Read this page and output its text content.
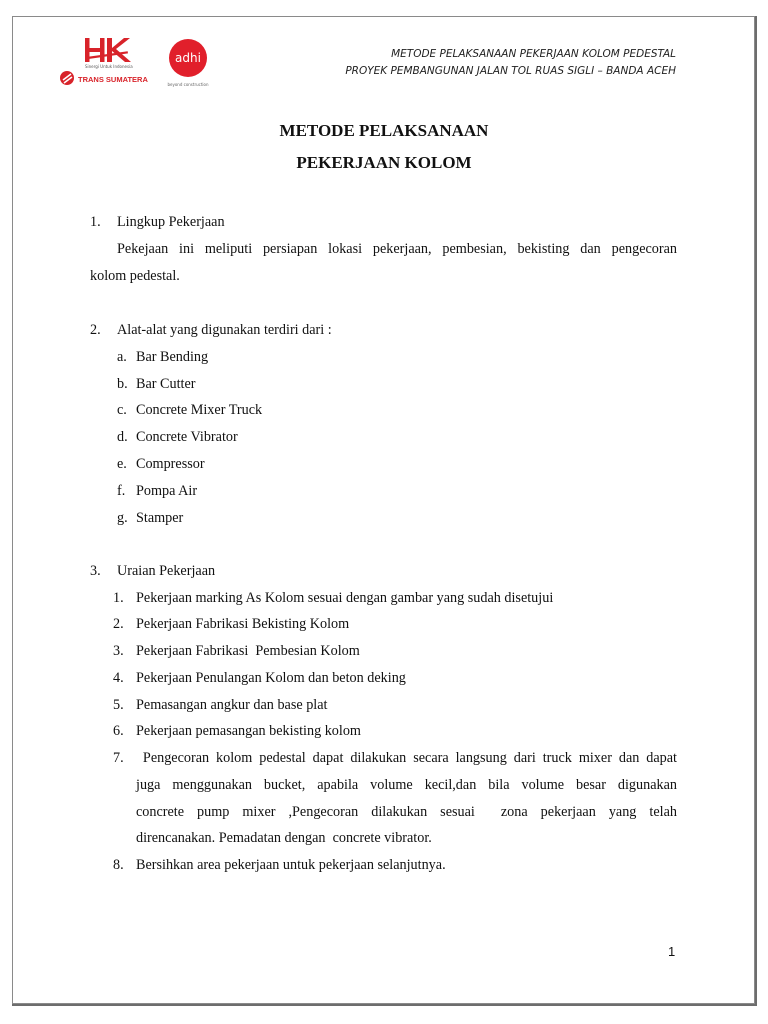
Sinergi Untuk Indonesia
TRANS SUMATERA
adhi
beyond construction
METODE PELAKSANAAN PEKERJAAN KOLOM PEDESTAL
PROYEK PEMBANGUNAN JALAN TOL RUAS SIGLI – BANDA ACEH
METODE PELAKSANAAN
PEKERJAAN KOLOM
1. Lingkup Pekerjaan
Pekejaan ini meliputi persiapan lokasi pekerjaan, pembesian, bekisting dan pengecoran
kolom pedestal.
2. Alat-alat yang digunakan terdiri dari :
a. Bar Bending
b. Bar Cutter
c. Concrete Mixer Truck
d. Concrete Vibrator
e. Compressor
f. Pompa Air
g. Stamper
3. Uraian Pekerjaan
1. Pekerjaan marking As Kolom sesuai dengan gambar yang sudah disetujui
2. Pekerjaan Fabrikasi Bekisting Kolom
3. Pekerjaan Fabrikasi  Pembesian Kolom
4. Pekerjaan Penulangan Kolom dan beton deking
5. Pemasangan angkur dan base plat
6. Pekerjaan pemasangan bekisting kolom
7. Pengecoran kolom pedestal dapat dilakukan secara langsung dari truck mixer dan dapat
juga menggunakan bucket, apabila volume kecil,dan bila volume besar digunakan
concrete pump mixer ,Pengecoran dilakukan sesuai  zona pekerjaan yang telah
direncanakan. Pemadatan dengan  concrete vibrator.
8. Bersihkan area pekerjaan untuk pekerjaan selanjutnya.
1
